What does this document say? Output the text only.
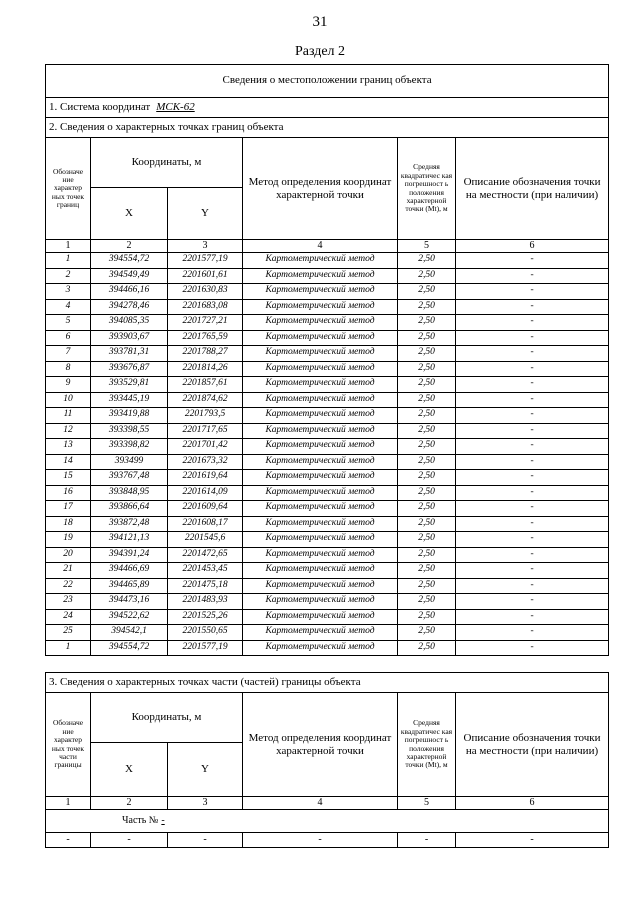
31
Раздел 2
Сведения о местоположении границ объекта					
1. Система координат МСК-62					
2. Сведения о характерных точках границ объекта					
Обозначе ние характер ных точек границ	Координаты, м		Метод определения координат характерной точки	Средняя квадратичес кая погрешност ь положения характерной точки (Mt), м	Описание обозначения точки на местности (при наличии)
	X	Y			
1	2	3	4	5	6
1	394554,72	2201577,19	Картометрический метод	2,50	-
2	394549,49	2201601,61	Картометрический метод	2,50	-
3	394466,16	2201630,83	Картометрический метод	2,50	-
4	394278,46	2201683,08	Картометрический метод	2,50	-
5	394085,35	2201727,21	Картометрический метод	2,50	-
6	393903,67	2201765,59	Картометрический метод	2,50	-
7	393781,31	2201788,27	Картометрический метод	2,50	-
8	393676,87	2201814,26	Картометрический метод	2,50	-
9	393529,81	2201857,61	Картометрический метод	2,50	-
10	393445,19	2201874,62	Картометрический метод	2,50	-
11	393419,88	2201793,5	Картометрический метод	2,50	-
12	393398,55	2201717,65	Картометрический метод	2,50	-
13	393398,82	2201701,42	Картометрический метод	2,50	-
14	393499	2201673,32	Картометрический метод	2,50	-
15	393767,48	2201619,64	Картометрический метод	2,50	-
16	393848,95	2201614,09	Картометрический метод	2,50	-
17	393866,64	2201609,64	Картометрический метод	2,50	-
18	393872,48	2201608,17	Картометрический метод	2,50	-
19	394121,13	2201545,6	Картометрический метод	2,50	-
20	394391,24	2201472,65	Картометрический метод	2,50	-
21	394466,69	2201453,45	Картометрический метод	2,50	-
22	394465,89	2201475,18	Картометрический метод	2,50	-
23	394473,16	2201483,93	Картометрический метод	2,50	-
24	394522,62	2201525,26	Картометрический метод	2,50	-
25	394542,1	2201550,65	Картометрический метод	2,50	-
1	394554,72	2201577,19	Картометрический метод	2,50	-
3. Сведения о характерных точках части (частей) границы объекта					
Обозначе ние характер ных точек части границы	Координаты, м		Метод определения координат характерной точки	Средняя квадратичес кая погрешност ь положения характерной точки (Mt), м	Описание обозначения точки на местности (при наличии)
	X	Y			
1	2	3	4	5	6
Часть № -					
-	-	-	-	-	-
